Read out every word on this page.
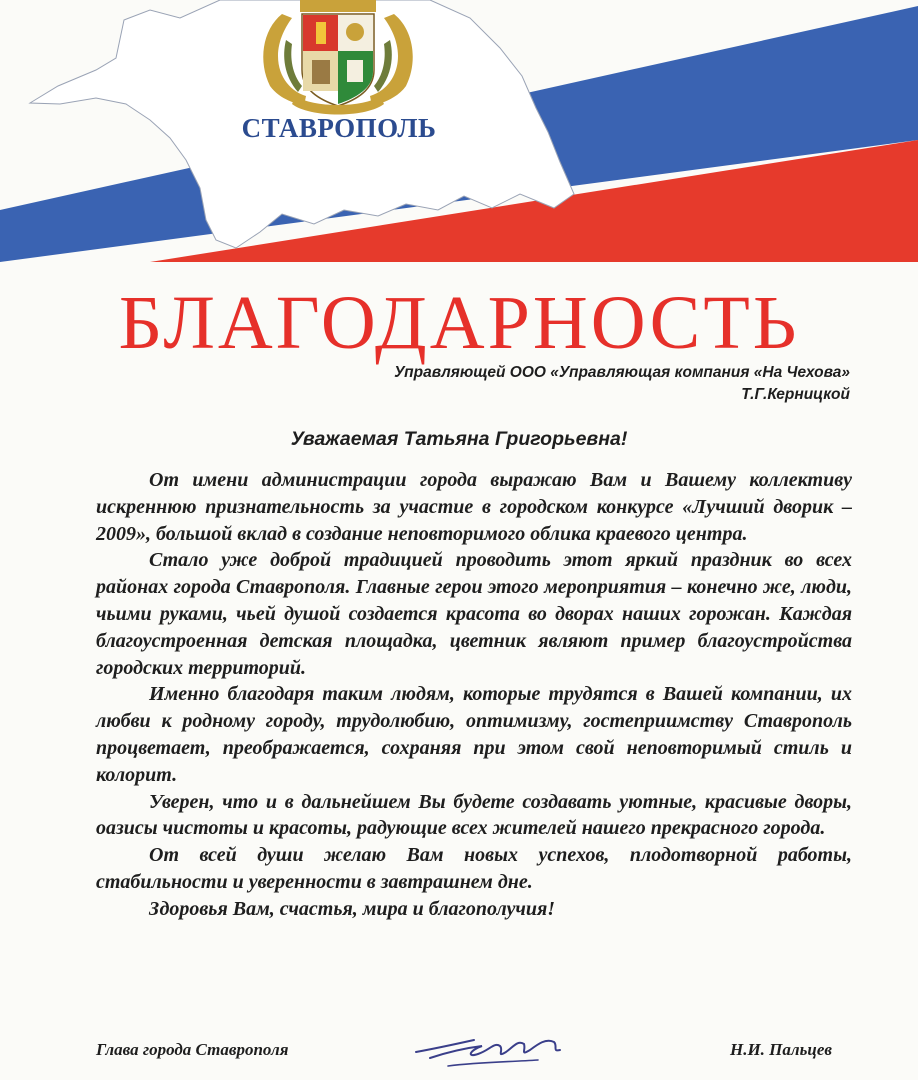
СТАВРОПОЛЬ
БЛАГОДАРНОСТЬ
Управляющей ООО «Управляющая компания «На Чехова»
Т.Г.Керницкой
Уважаемая Татьяна Григорьевна!

От имени администрации города выражаю Вам и Вашему коллективу искреннюю признательность за участие в городском конкурсе «Лучший дворик – 2009», большой вклад в создание неповторимого облика краевого центра.

Стало уже доброй традицией проводить этот яркий праздник во всех районах города Ставрополя. Главные герои этого мероприятия – конечно же, люди, чьими руками, чьей душой создается красота во дворах наших горожан. Каждая благоустроенная детская площадка, цветник являют пример благоустройства городских территорий.

Именно благодаря таким людям, которые трудятся в Вашей компании, их любви к родному городу, трудолюбию, оптимизму, гостеприимству Ставрополь процветает, преображается, сохраняя при этом свой неповторимый стиль и колорит.

Уверен, что и в дальнейшем Вы будете создавать уютные, красивые дворы, оазисы чистоты и красоты, радующие всех жителей нашего прекрасного города.

От всей души желаю Вам новых успехов, плодотворной работы, стабильности и уверенности в завтрашнем дне.

Здоровья Вам, счастья, мира и благополучия!

Глава города Ставрополя	Н.И. Пальцев
